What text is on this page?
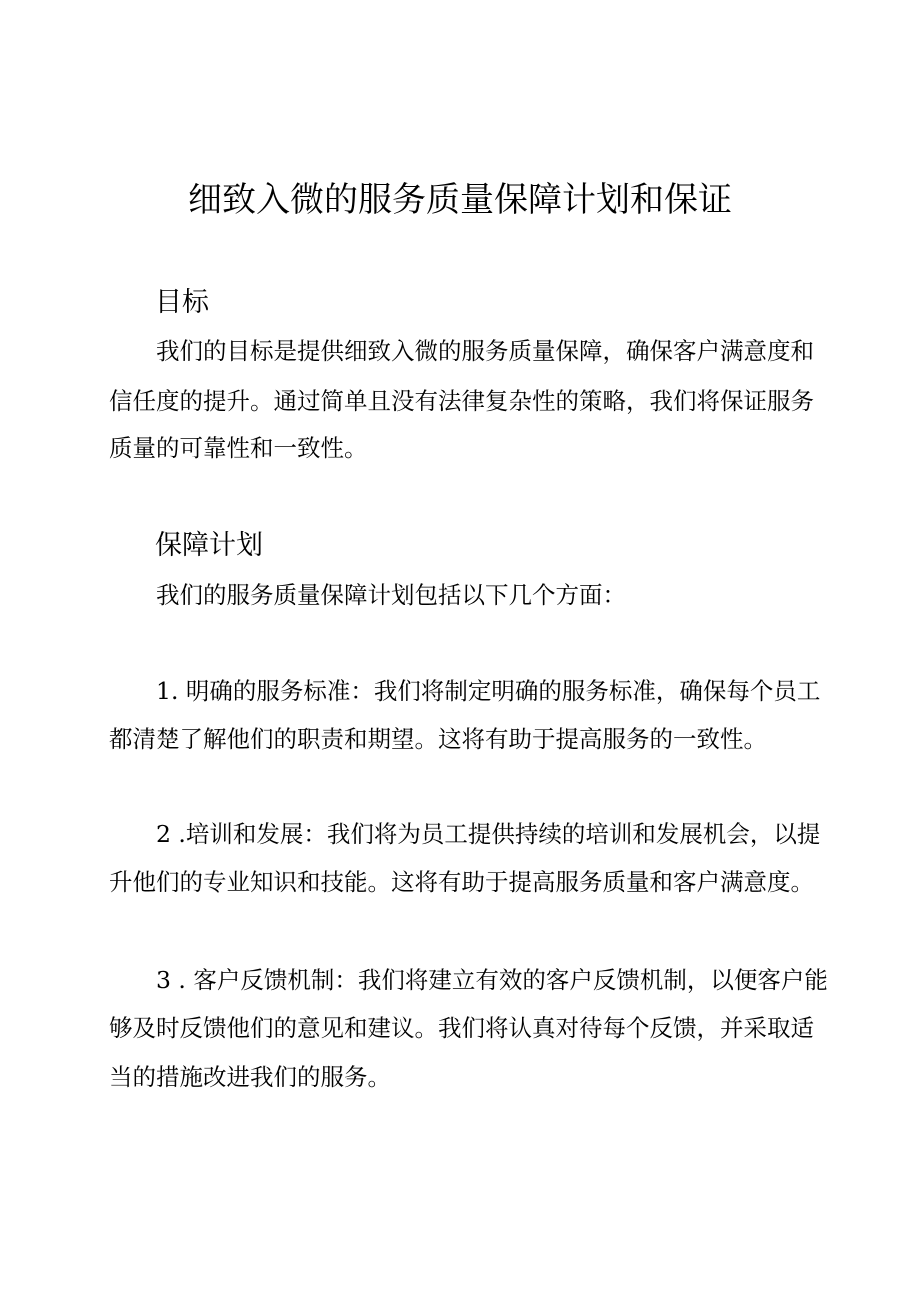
细致入微的服务质量保障计划和保证
目标
我们的目标是提供细致入微的服务质量保障，确保客户满意度和
信任度的提升。通过简单且没有法律复杂性的策略，我们将保证服务
质量的可靠性和一致性。
保障计划
我们的服务质量保障计划包括以下几个方面：
1. 明确的服务标准：我们将制定明确的服务标准，确保每个员工
都清楚了解他们的职责和期望。这将有助于提高服务的一致性。
2 .培训和发展：我们将为员工提供持续的培训和发展机会，以提
升他们的专业知识和技能。这将有助于提高服务质量和客户满意度。
3 . 客户反馈机制：我们将建立有效的客户反馈机制，以便客户能
够及时反馈他们的意见和建议。我们将认真对待每个反馈，并采取适
当的措施改进我们的服务。
